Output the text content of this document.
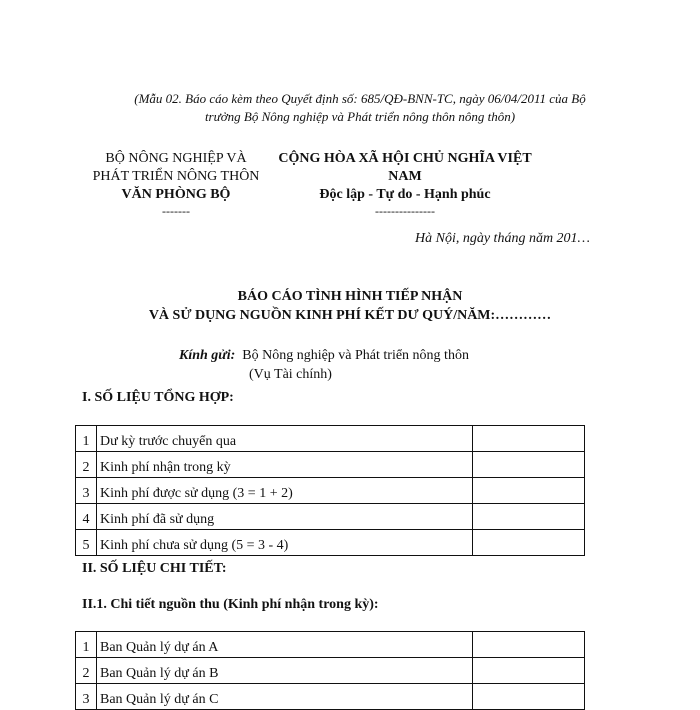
(Mẫu 02. Báo cáo kèm theo Quyết định số: 685/QĐ-BNN-TC, ngày 06/04/2011 của Bộ
trưởng Bộ Nông nghiệp và Phát triển nông thôn nông thôn)
BỘ NÔNG NGHIỆP VÀ
PHÁT TRIỂN NÔNG THÔN
VĂN PHÒNG BỘ
-------
CỘNG HÒA XÃ HỘI CHỦ NGHĨA VIỆT NAM
Độc lập - Tự do - Hạnh phúc
---------------
Hà Nội, ngày tháng năm 201…
BÁO CÁO TÌNH HÌNH TIẾP NHẬN
VÀ SỬ DỤNG NGUỒN KINH PHÍ KẾT DƯ QUÝ/NĂM:…………
Kính gửi: Bộ Nông nghiệp và Phát triển nông thôn
(Vụ Tài chính)
I. SỐ LIỆU TỔNG HỢP:
1	Dư kỳ trước chuyển qua	
2	Kinh phí nhận trong kỳ	
3	Kinh phí được sử dụng (3 = 1 + 2)	
4	Kinh phí đã sử dụng	
5	Kinh phí chưa sử dụng (5 = 3 - 4)	
II. SỐ LIỆU CHI TIẾT:
II.1. Chi tiết nguồn thu (Kinh phí nhận trong kỳ):
1	Ban Quản lý dự án A	
2	Ban Quản lý dự án B	
3	Ban Quản lý dự án C	
